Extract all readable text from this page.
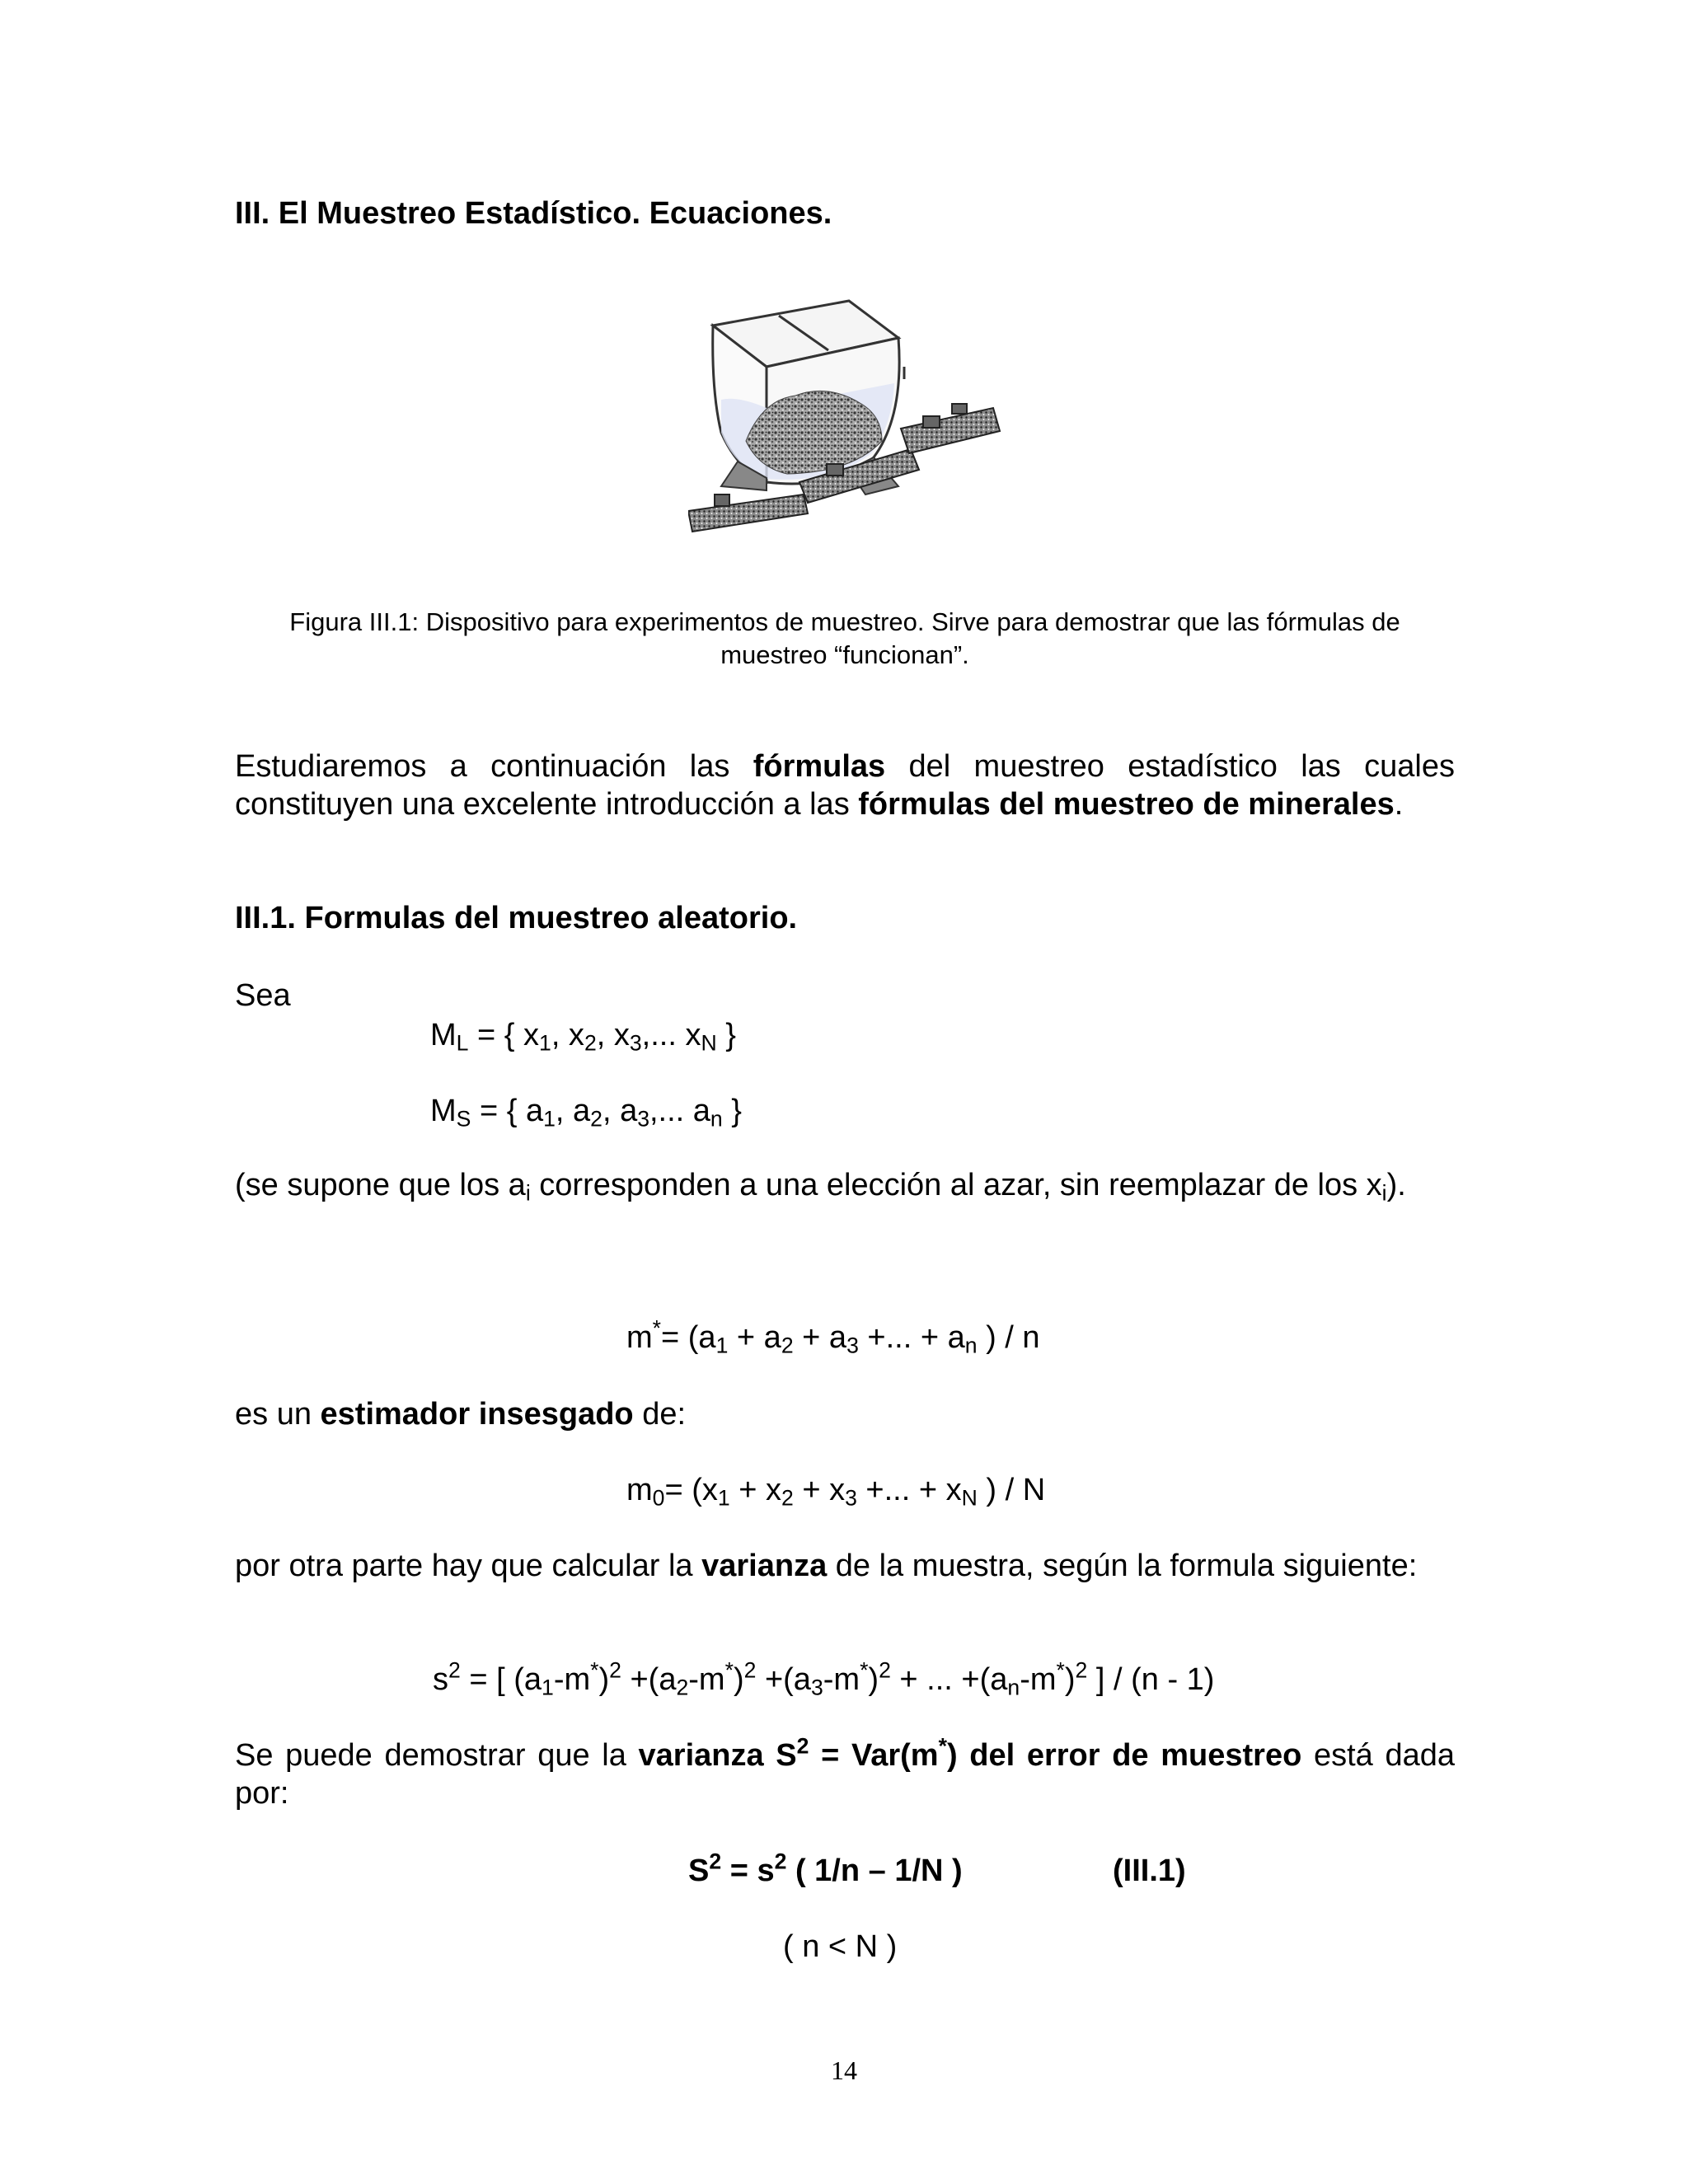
III. El Muestreo Estadístico. Ecuaciones.
Figura III.1: Dispositivo para experimentos de muestreo. Sirve para demostrar que las fórmulas de
muestreo “funcionan”.
Estudiaremos a continuación las fórmulas del muestreo estadístico las cuales constituyen una excelente introducción a las fórmulas del muestreo de minerales.
III.1. Formulas del muestreo aleatorio.
Sea
$M_L$ = { $x_1$, $x_2$, $x_3$,... $x_N$ }
$M_S$ = { $a_1$, $a_2$, $a_3$,... $a_n$ }
(se supone que los $a_i$ corresponden a una elección al azar, sin reemplazar de los $x_i$).
$m^*= (a_1 + a_2 + a_3$ +... + $a_n$ ) / n
es un estimador insesgado de:
$m_0= (x_1 + x_2 + x_3$ +... + $x_N$ ) / N
por otra parte hay que calcular la varianza de la muestra, según la formula siguiente:
$s^2$ = [ $(a_1-m^*)^2 +(a_2-m^*)^2 +(a_3-m^*)^2$ + ... $+(a_n-m^*)^2$ ] / (n - 1)
Se puede demostrar que la varianza $S^2 = Var(m^*)$ del error de muestreo está dada por:
$S^2 = s^2$ ( 1/n – 1/N )	(III.1)
( n < N )
14
